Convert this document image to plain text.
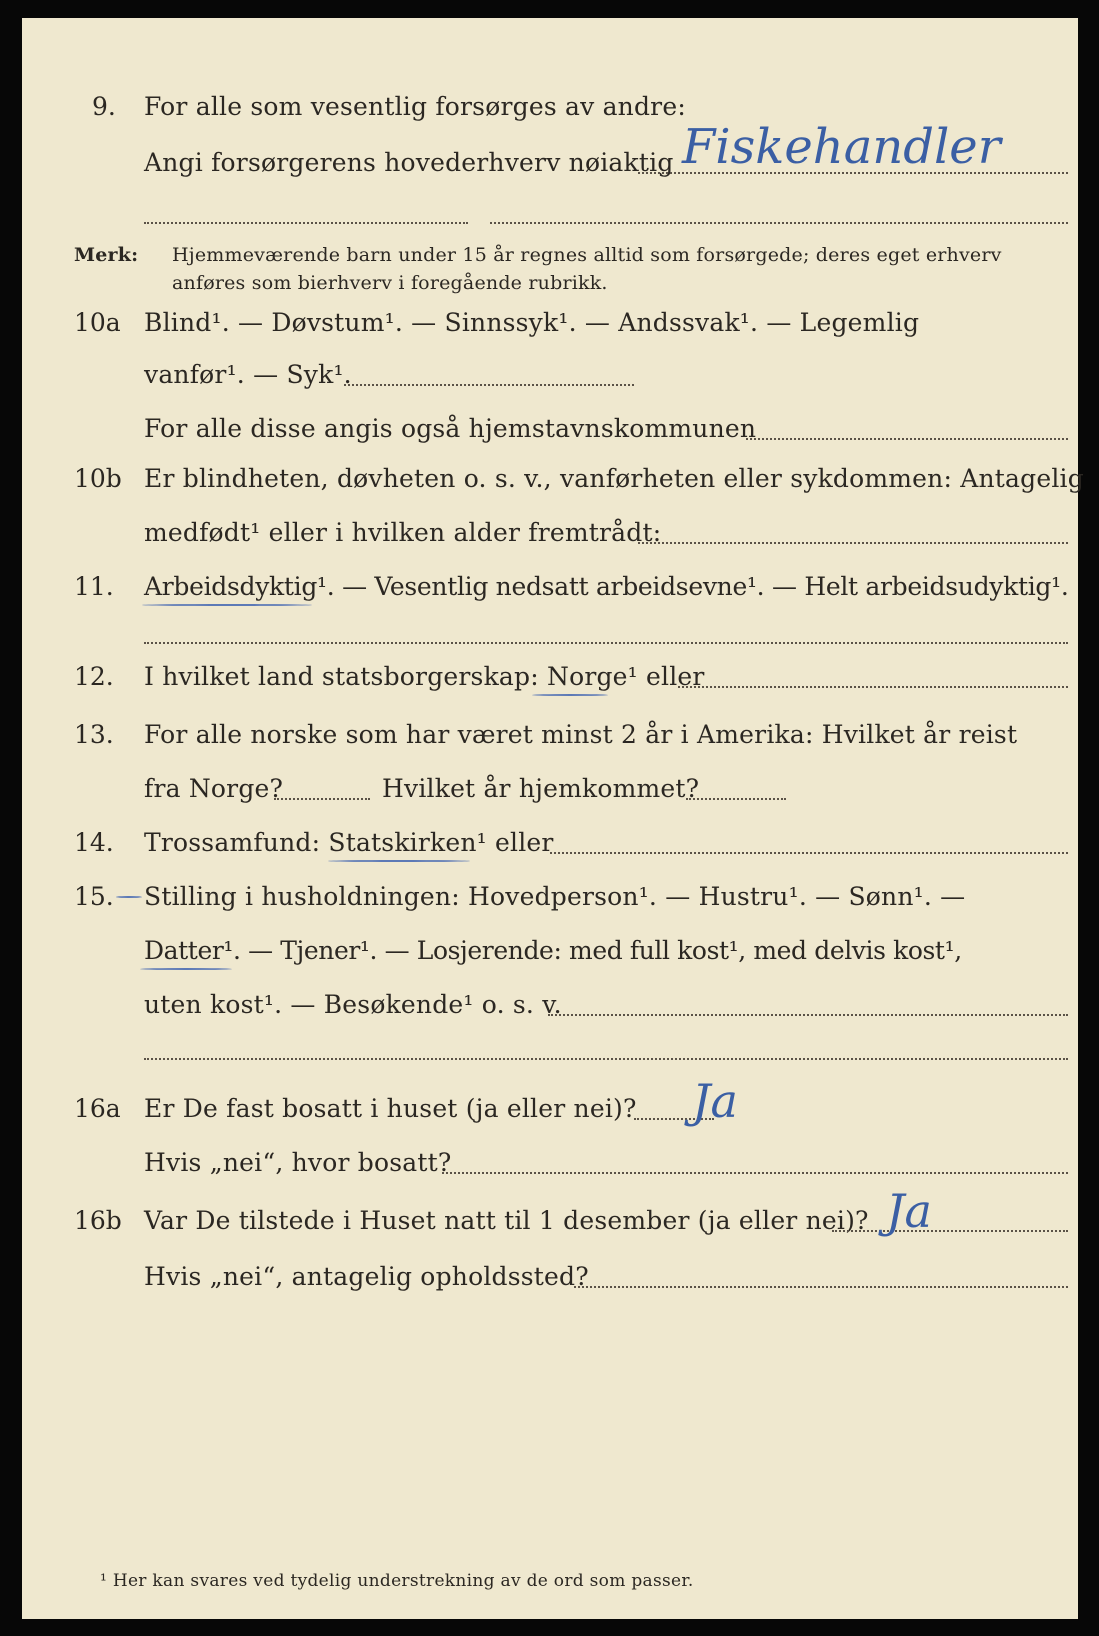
9. For alle som vesentlig forsørges av andre:
Angi forsørgerens hovederhverv nøiaktig Fiskehandler
Merk: Hjemmeværende barn under 15 år regnes alltid som forsørgede; deres eget erhverv
anføres som bierhverv i foregående rubrikk.
10a Blind¹. — Døvstum¹. — Sinnssyk¹. — Andssvak¹. — Legemlig
vanfør¹. — Syk¹.
For alle disse angis også hjemstavnskommunen
10b Er blindheten, døvheten o. s. v., vanførheten eller sykdommen: Antagelig
medfødt¹ eller i hvilken alder fremtrådt:
11. Arbeidsdyktig¹. — Vesentlig nedsatt arbeidsevne¹. — Helt arbeidsudyktig¹.
12. I hvilket land statsborgerskap: Norge¹ eller
13. For alle norske som har været minst 2 år i Amerika: Hvilket år reist
fra Norge?	Hvilket år hjemkommet?
14. Trossamfund: Statskirken¹ eller
15. Stilling i husholdningen: Hovedperson¹. — Hustru¹. — Sønn¹. —
Datter¹. — Tjener¹. — Losjerende: med full kost¹, med delvis kost¹,
uten kost¹. — Besøkende¹ o. s. v.
16a Er De fast bosatt i huset (ja eller nei)? Ja
Hvis „nei“, hvor bosatt?
16b Var De tilstede i Huset natt til 1 desember (ja eller nei)? Ja
Hvis „nei“, antagelig opholdssted?
¹ Her kan svares ved tydelig understrekning av de ord som passer.
